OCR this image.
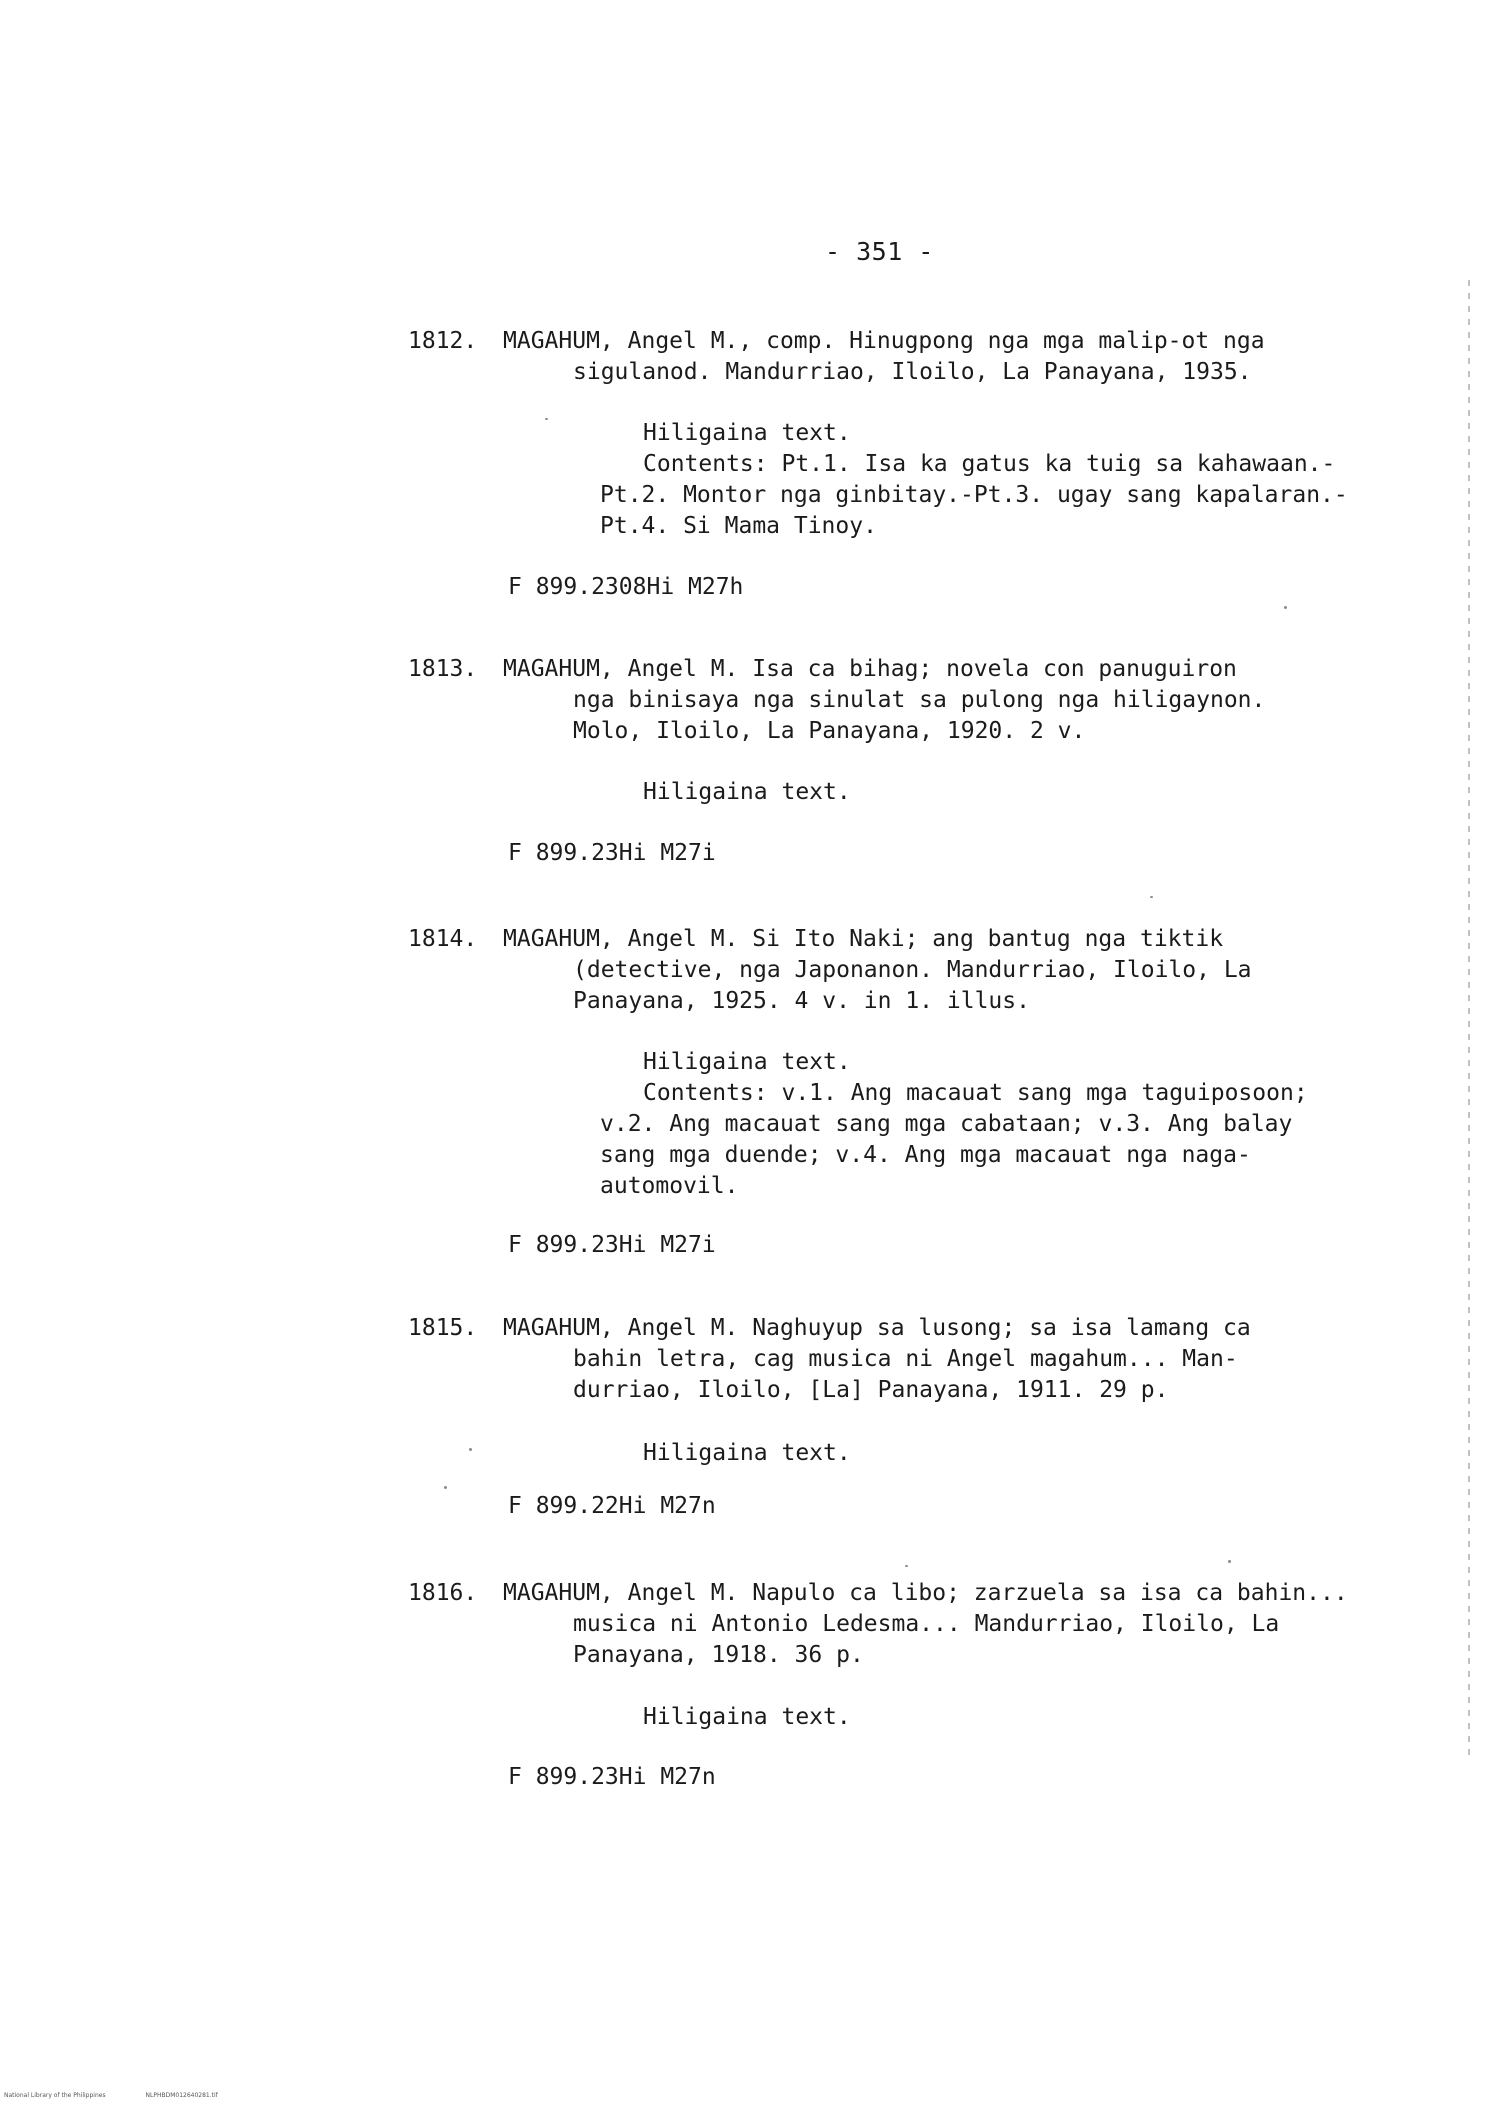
- 351 -
1812. MAGAHUM, Angel M., comp. Hinugpong nga mga malip-ot nga
sigulanod. Mandurriao, Iloilo, La Panayana, 1935.
Hiligaina text.
Contents: Pt.1. Isa ka gatus ka tuig sa kahawaan.-
Pt.2. Montor nga ginbitay.-Pt.3. ugay sang kapalaran.-
Pt.4. Si Mama Tinoy.
F 899.2308Hi M27h
1813. MAGAHUM, Angel M. Isa ca bihag; novela con panuguiron
nga binisaya nga sinulat sa pulong nga hiligaynon.
Molo, Iloilo, La Panayana, 1920. 2 v.
Hiligaina text.
F 899.23Hi M27i
1814. MAGAHUM, Angel M. Si Ito Naki; ang bantug nga tiktik
(detective, nga Japonanon. Mandurriao, Iloilo, La
Panayana, 1925. 4 v. in 1. illus.
Hiligaina text.
Contents: v.1. Ang macauat sang mga taguiposoon;
v.2. Ang macauat sang mga cabataan; v.3. Ang balay
sang mga duende; v.4. Ang mga macauat nga naga-
automovil.
F 899.23Hi M27i
1815. MAGAHUM, Angel M. Naghuyup sa lusong; sa isa lamang ca
bahin letra, cag musica ni Angel magahum... Man-
durriao, Iloilo, [La] Panayana, 1911. 29 p.
Hiligaina text.
F 899.22Hi M27n
1816. MAGAHUM, Angel M. Napulo ca libo; zarzuela sa isa ca bahin...
musica ni Antonio Ledesma... Mandurriao, Iloilo, La
Panayana, 1918. 36 p.
Hiligaina text.
F 899.23Hi M27n
National Library of the Philippines	NLPHBDM012640281.tif
